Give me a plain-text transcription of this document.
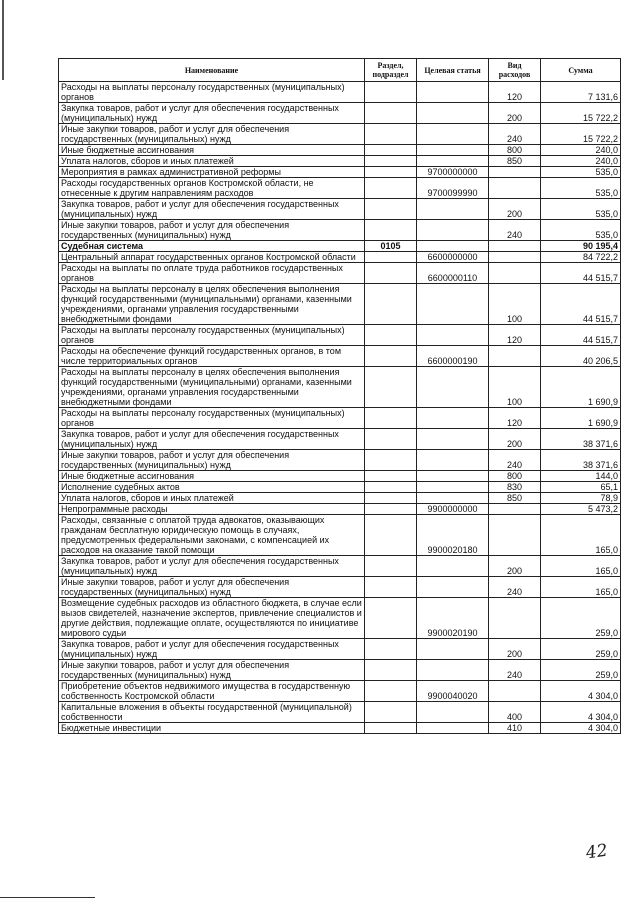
Наименование	Раздел, подраздел	Целевая статья	Вид расходов	Сумма
Расходы на выплаты персоналу государственных (муниципальных) органов			120	7 131,6
Закупка товаров, работ и услуг для обеспечения государственных (муниципальных) нужд			200	15 722,2
Иные закупки товаров, работ и услуг для обеспечения государственных (муниципальных) нужд			240	15 722,2
Иные бюджетные ассигнования			800	240,0
Уплата налогов, сборов и иных платежей			850	240,0
Мероприятия в рамках административной реформы		9700000000		535,0
Расходы государственных органов Костромской области, не отнесенные к другим направлениям расходов		9700099990		535,0
Закупка товаров, работ и услуг для обеспечения государственных (муниципальных) нужд			200	535,0
Иные закупки товаров, работ и услуг для обеспечения государственных (муниципальных) нужд			240	535,0
Судебная система	0105			90 195,4
Центральный аппарат государственных органов Костромской области		6600000000		84 722,2
Расходы на выплаты по оплате труда работников государственных органов		6600000110		44 515,7
Расходы на выплаты персоналу в целях обеспечения выполнения функций государственными (муниципальными) органами, казенными учреждениями, органами управления государственными внебюджетными фондами			100	44 515,7
Расходы на выплаты персоналу государственных (муниципальных) органов			120	44 515,7
Расходы на обеспечение функций государственных органов, в том числе территориальных органов		6600000190		40 206,5
Расходы на выплаты персоналу в целях обеспечения выполнения функций государственными (муниципальными) органами, казенными учреждениями, органами управления государственными внебюджетными фондами			100	1 690,9
Расходы на выплаты персоналу государственных (муниципальных) органов			120	1 690,9
Закупка товаров, работ и услуг для обеспечения государственных (муниципальных) нужд			200	38 371,6
Иные закупки товаров, работ и услуг для обеспечения государственных (муниципальных) нужд			240	38 371,6
Иные бюджетные ассигнования			800	144,0
Исполнение судебных актов			830	65,1
Уплата налогов, сборов и иных платежей			850	78,9
Непрограммные расходы		9900000000		5 473,2
Расходы, связанные с оплатой труда адвокатов, оказывающих гражданам бесплатную юридическую помощь в случаях, предусмотренных федеральными законами, с компенсацией их расходов на оказание такой помощи		9900020180		165,0
Закупка товаров, работ и услуг для обеспечения государственных (муниципальных) нужд			200	165,0
Иные закупки товаров, работ и услуг для обеспечения государственных (муниципальных) нужд			240	165,0
Возмещение судебных расходов из областного бюджета, в случае если вызов свидетелей, назначение экспертов, привлечение специалистов и другие действия, подлежащие оплате, осуществляются по инициативе мирового судьи		9900020190		259,0
Закупка товаров, работ и услуг для обеспечения государственных (муниципальных) нужд			200	259,0
Иные закупки товаров, работ и услуг для обеспечения государственных (муниципальных) нужд			240	259,0
Приобретение объектов недвижимого имущества в государственную собственность Костромской области		9900040020		4 304,0
Капитальные вложения в объекты государственной (муниципальной) собственности			400	4 304,0
Бюджетные инвестиции			410	4 304,0
42
